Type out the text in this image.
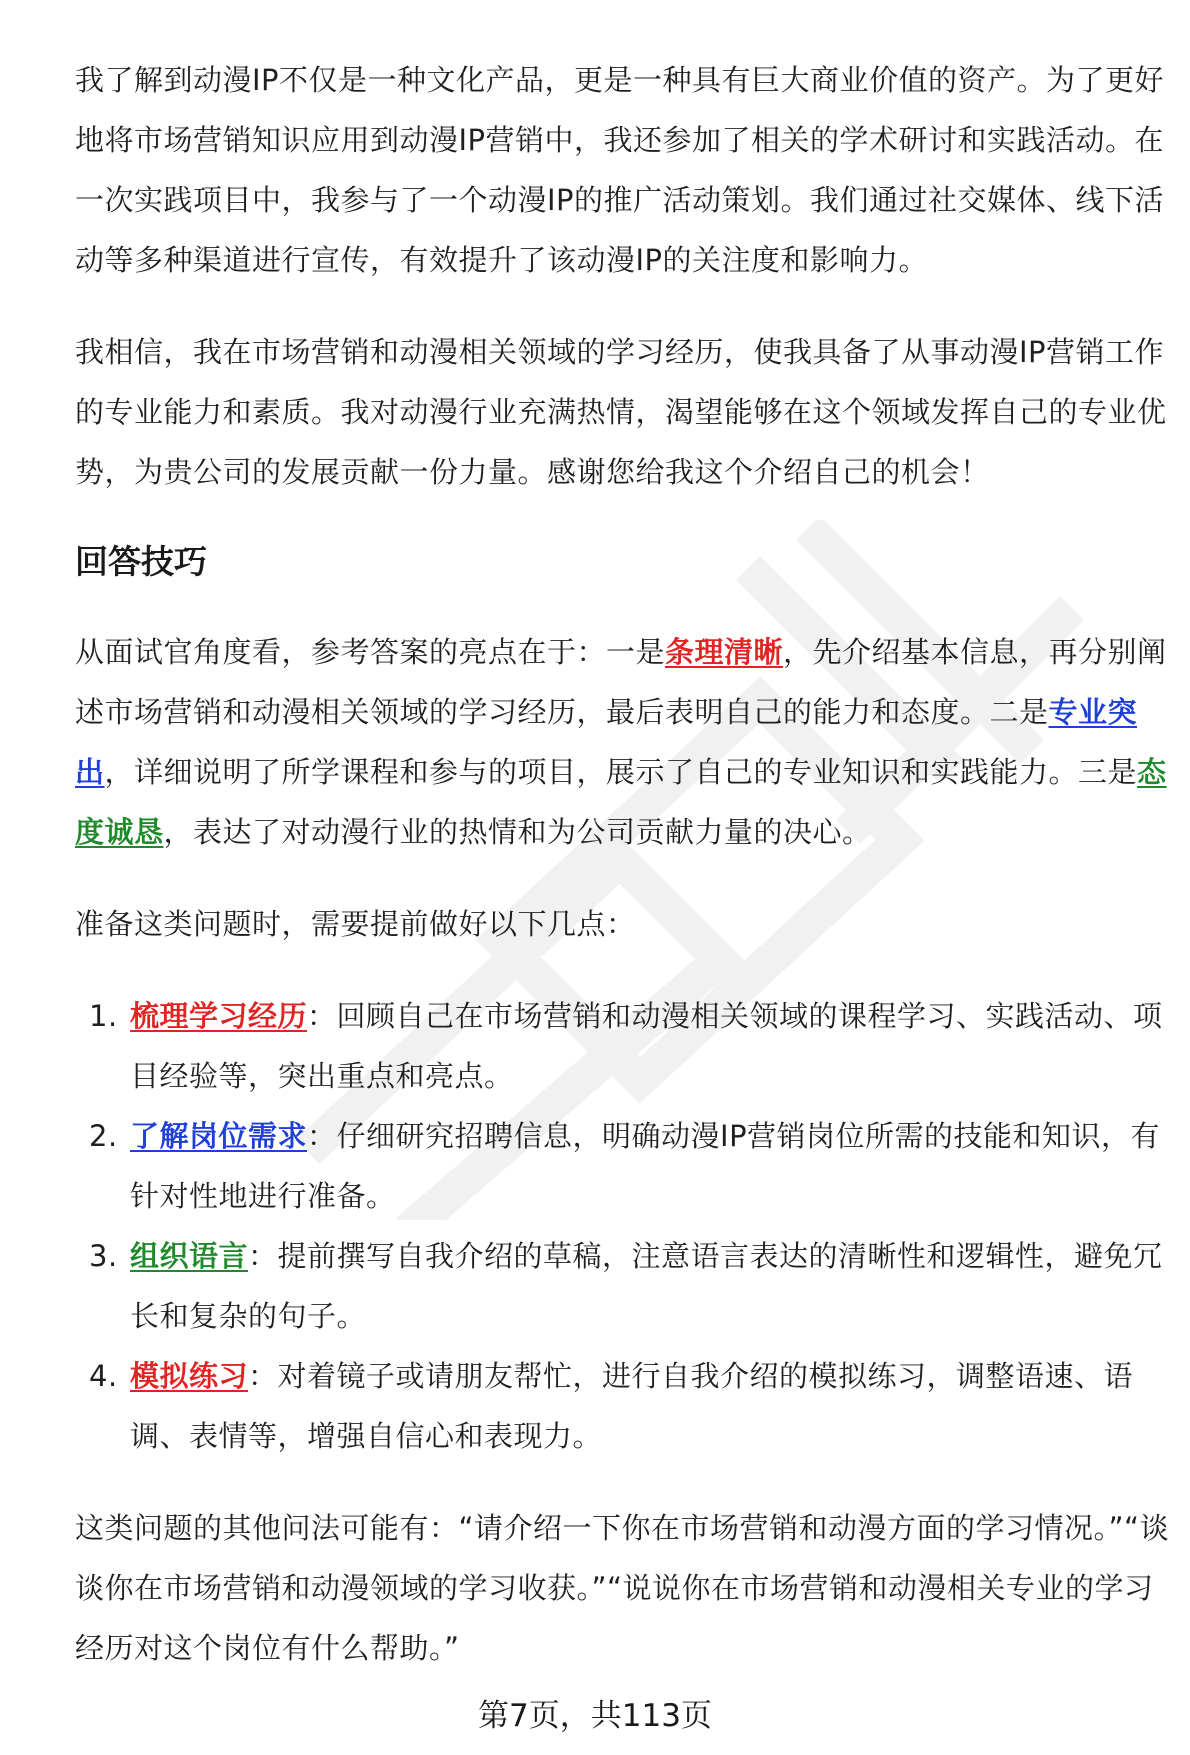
我了解到动漫IP不仅是一种文化产品，更是一种具有巨大商业价值的资产。为了更好地将市场营销知识应用到动漫IP营销中，我还参加了相关的学术研讨和实践活动。在一次实践项目中，我参与了一个动漫IP的推广活动策划。我们通过社交媒体、线下活动等多种渠道进行宣传，有效提升了该动漫IP的关注度和影响力。

我相信，我在市场营销和动漫相关领域的学习经历，使我具备了从事动漫IP营销工作的专业能力和素质。我对动漫行业充满热情，渴望能够在这个领域发挥自己的专业优势，为贵公司的发展贡献一份力量。感谢您给我这个介绍自己的机会！

回答技巧

从面试官角度看，参考答案的亮点在于：一是条理清晰，先介绍基本信息，再分别阐述市场营销和动漫相关领域的学习经历，最后表明自己的能力和态度。二是专业突出，详细说明了所学课程和参与的项目，展示了自己的专业知识和实践能力。三是态度诚恳，表达了对动漫行业的热情和为公司贡献力量的决心。

准备这类问题时，需要提前做好以下几点：

1. 梳理学习经历：回顾自己在市场营销和动漫相关领域的课程学习、实践活动、项目经验等，突出重点和亮点。
2. 了解岗位需求：仔细研究招聘信息，明确动漫IP营销岗位所需的技能和知识，有针对性地进行准备。
3. 组织语言：提前撰写自我介绍的草稿，注意语言表达的清晰性和逻辑性，避免冗长和复杂的句子。
4. 模拟练习：对着镜子或请朋友帮忙，进行自我介绍的模拟练习，调整语速、语调、表情等，增强自信心和表现力。

这类问题的其他问法可能有：“请介绍一下你在市场营销和动漫方面的学习情况。”“谈谈你在市场营销和动漫领域的学习收获。”“说说你在市场营销和动漫相关专业的学习经历对这个岗位有什么帮助。”

第7页，共113页
